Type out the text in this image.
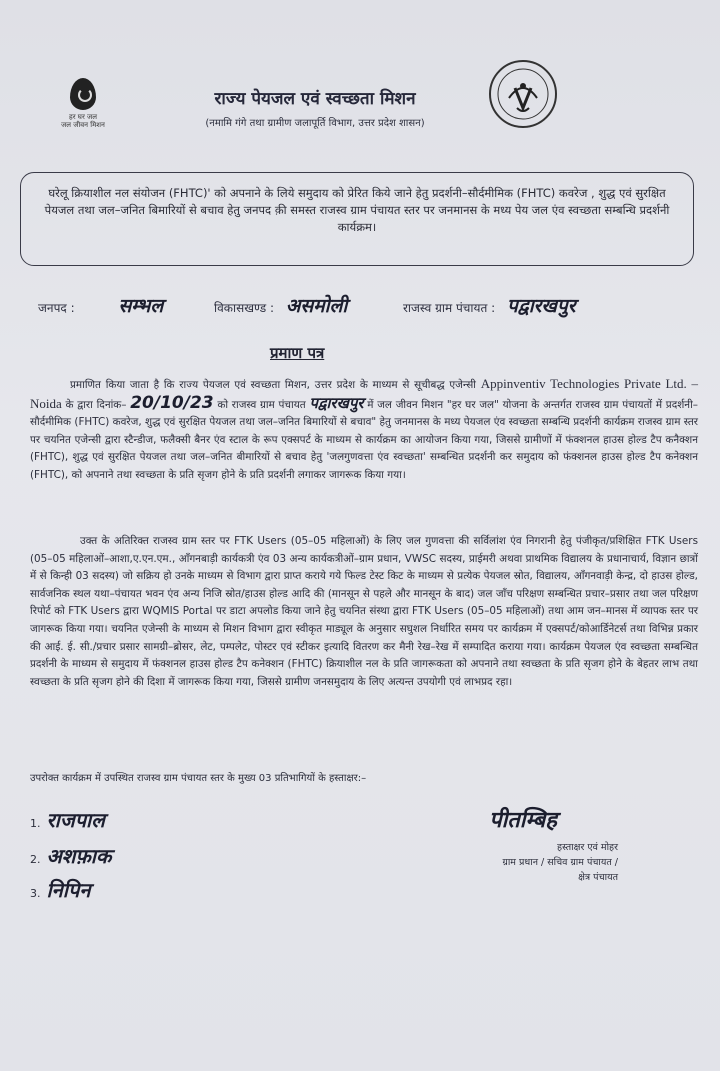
हर घर जल
जल जीवन मिशन
राज्य पेयजल एवं स्वच्छता मिशन
(नमामि गंगे तथा ग्रामीण जलापूर्ति विभाग, उत्तर प्रदेश शासन)
घरेलू क्रियाशील नल संयोजन (FHTC)' को अपनाने के लिये समुदाय को प्रेरित किये जाने हेतु प्रदर्शनी–सौर्दमीमिक (FHTC) कवरेज , शुद्ध एवं सुरक्षित पेयजल तथा जल–जनित बिमारियों से बचाव हेतु जनपद क़ी समस्त राजस्व ग्राम पंचायत स्तर पर जनमानस के मध्य पेय जल एंव स्वच्छता सम्बन्धि प्रदर्शनी कार्यक्रम।
जनपद : सम्भल	विकासखण्ड : असमोली	राजस्व ग्राम पंचायत : पद्वारखपुर
प्रमाण पत्र
प्रमाणित किया जाता है कि राज्य पेयजल एवं स्वच्छता मिशन, उत्तर प्रदेश के माध्यम से सूचीबद्ध एजेन्सी Appinventiv Technologies Private Ltd. – Noida के द्वारा दिनांक– 20/10/23 को राजस्व ग्राम पंचायत पद्वारखपुर में जल जीवन मिशन "हर घर जल" योजना के अन्तर्गत राजस्व ग्राम पंचायतों में प्रदर्शनी–सौर्दमीमिक (FHTC) कवरेज, शुद्ध एवं सुरक्षित पेयजल तथा जल–जनित बिमारियों से बचाव" हेतु जनमानस के मध्य पेयजल एंव स्वच्छता सम्बन्धि प्रदर्शनी कार्यक्रम राजस्व ग्राम स्तर पर चयनित एजेन्सी द्वारा स्टैन्डीज, फलैक्सी बैनर एंव स्टाल के रूप एक्सपर्ट के माध्यम से कार्यक्रम का आयोजन किया गया, जिससे ग्रामीणों में फंक्शनल हाउस होल्ड टैप कनैक्शन (FHTC), शुद्ध एवं सुरक्षित पेयजल तथा जल–जनित बीमारियों से बचाव हेतु 'जलगुणवत्ता एंव स्वच्छता' सम्बन्धित प्रदर्शनी कर समुदाय को फंक्शनल हाउस होल्ड टैप कनेक्शन (FHTC), को अपनाने तथा स्वच्छता के प्रति सृजग होने के प्रति प्रदर्शनी लगाकर जागरूक किया गया।
उक्त के अतिरिक्त राजस्व ग्राम स्तर पर FTK Users (05–05 महिलाओं) के लिए जल गुणवत्ता की सर्विलांश एंव निगरानी हेतु पंजीकृत/प्रशिक्षित FTK Users (05–05 महिलाओं–आशा,ए.एन.एम., आँगनबाड़ी कार्यकत्री एंव 03 अन्य कार्यकत्रीओं–ग्राम प्रधान, VWSC सदस्य, प्राईमरी अथवा प्राथमिक विद्यालय के प्रधानाचार्य, विज्ञान छात्रों में से किन्ही 03 सदस्य) जो सक्रिय हो उनके माध्यम से विभाग द्वारा प्राप्त कराये गये फिल्ड टेस्ट किट के माध्यम से प्रत्येक पेयजल स्रोत, विद्यालय, आँगनवाड़ी केन्द्र, दो हाउस होल्ड, सार्वजनिक स्थल यथा–पंचायत भवन एंव अन्य निजि स्रोत/हाउस होल्ड आदि की (मानसून से पहले और मानसून के बाद) जल जाँच परिक्षण सम्बन्धित प्रचार–प्रसार तथा जल परिक्षण रिपोर्ट को FTK Users द्वारा WQMIS Portal पर डाटा अपलोड किया जाने हेतु चयनित संस्था द्वारा FTK Users (05–05 महिलाओं) तथा आम जन–मानस में व्यापक स्तर पर जागरूक किया गया। चयनित एजेन्सी के माध्यम से मिशन विभाग द्वारा स्वीकृत माड्यूल के अनुसार सघुशल निर्धारित समय पर कार्यक्रम में एक्सपर्ट/कोआर्डिनेटर्स तथा विभिन्न प्रकार की आई. ई. सी./प्रचार प्रसार सामग्री–ब्रोसर, लेट, पम्पलेट, पोस्टर एवं स्टीकर इत्यादि वितरण कर मैनी रेख–रेख में सम्पादित कराया गया। कार्यक्रम पेयजल एंव स्वच्छता सम्बन्धित प्रदर्शनी के माध्यम से समुदाय में फंक्शनल हाउस होल्ड टैप कनेक्शन (FHTC) क्रियाशील नल के प्रति जागरूकता को अपनाने तथा स्वच्छता के प्रति सृजग होने के बेहतर लाभ तथा स्वच्छता के प्रति सृजग होने की दिशा में जागरूक किया गया, जिससे ग्रामीण जनसमुदाय के लिए अत्यन्त उपयोगी एवं लाभप्रद रहा।
उपरोक्त कार्यक्रम में उपस्थित राजस्व ग्राम पंचायत स्तर के मुख्य 03 प्रतिभागियों के हस्ताक्षर:–
1. राजपाल
2. अशफ़ाक
3. निपिन
पीतम्बिह
हस्ताक्षर एवं मोहर
ग्राम प्रधान / सचिव ग्राम पंचायत /
क्षेत्र पंचायत
